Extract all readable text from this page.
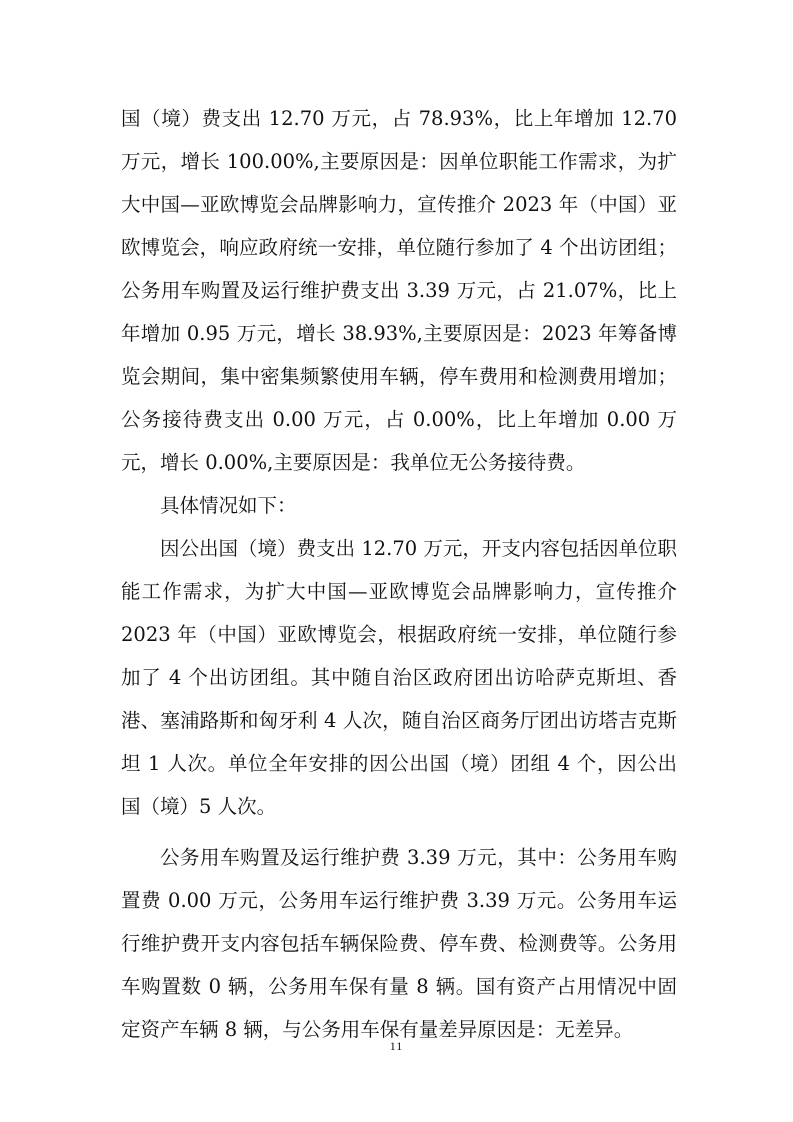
国（境）费支出 12.70 万元，占 78.93%，比上年增加 12.70 万元，增长 100.00%,主要原因是：因单位职能工作需求，为扩大中国—亚欧博览会品牌影响力，宣传推介 2023 年（中国）亚欧博览会，响应政府统一安排，单位随行参加了 4 个出访团组；公务用车购置及运行维护费支出 3.39 万元，占 21.07%，比上年增加 0.95 万元，增长 38.93%,主要原因是：2023 年筹备博览会期间，集中密集频繁使用车辆，停车费用和检测费用增加；公务接待费支出 0.00 万元，占 0.00%，比上年增加 0.00 万元，增长 0.00%,主要原因是：我单位无公务接待费。

具体情况如下：

因公出国（境）费支出 12.70 万元，开支内容包括因单位职能工作需求，为扩大中国—亚欧博览会品牌影响力，宣传推介 2023 年（中国）亚欧博览会，根据政府统一安排，单位随行参加了 4 个出访团组。其中随自治区政府团出访哈萨克斯坦、香港、塞浦路斯和匈牙利 4 人次，随自治区商务厅团出访塔吉克斯坦 1 人次。单位全年安排的因公出国（境）团组 4 个，因公出国（境）5 人次。

公务用车购置及运行维护费 3.39 万元，其中：公务用车购置费 0.00 万元，公务用车运行维护费 3.39 万元。公务用车运行维护费开支内容包括车辆保险费、停车费、检测费等。公务用车购置数 0 辆，公务用车保有量 8 辆。国有资产占用情况中固定资产车辆 8 辆，与公务用车保有量差异原因是：无差异。

11
